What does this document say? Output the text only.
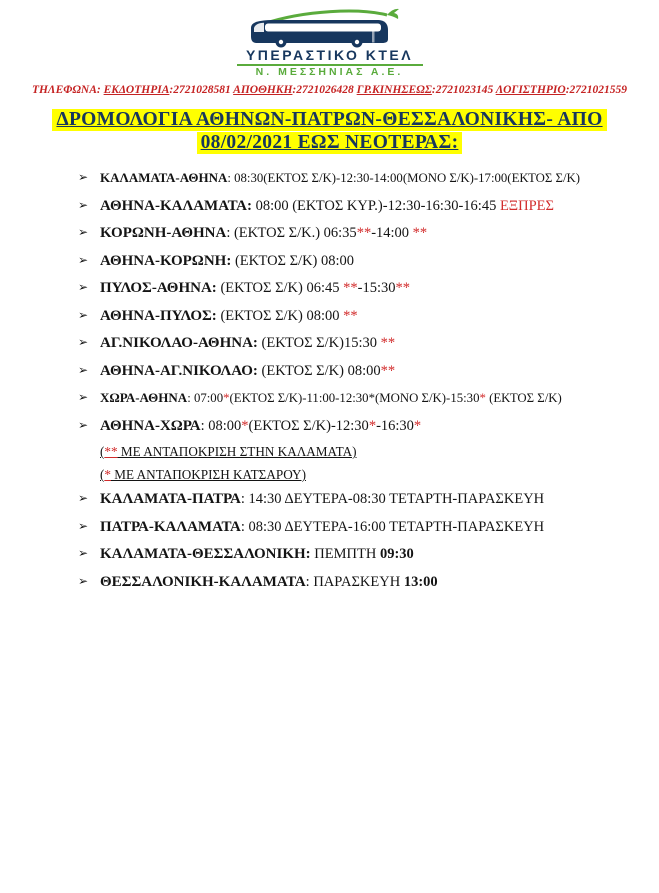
ΥΠΕΡΑΣΤΙΚΟ ΚΤΕΛ
Ν. ΜΕΣΣΗΝΙΑΣ Α.Ε.
ΤΗΛΕΦΩΝΑ: ΕΚΔΟΤΗΡΙΑ:2721028581 ΑΠΟΘΗΚΗ:2721026428 ΓΡ.ΚΙΝΗΣΕΩΣ:2721023145 ΛΟΓΙΣΤΗΡΙΟ:2721021559
ΔΡΟΜΟΛΟΓΙΑ ΑΘΗΝΩΝ-ΠΑΤΡΩΝ-ΘΕΣΣΑΛΟΝΙΚΗΣ- ΑΠΟ
08/02/2021 ΕΩΣ ΝΕΟΤΕΡΑΣ:
➢ ΚΑΛΑΜΑΤΑ-ΑΘΗΝΑ: 08:30(ΕΚΤΟΣ Σ/Κ)-12:30-14:00(ΜΟΝΟ Σ/Κ)-17:00(ΕΚΤΟΣ Σ/Κ)
➢ ΑΘΗΝΑ-ΚΑΛΑΜΑΤΑ: 08:00 (ΕΚΤΟΣ ΚΥΡ.)-12:30-16:30-16:45 ΕΞΠΡΕΣ
➢ ΚΟΡΩΝΗ-ΑΘΗΝΑ: (ΕΚΤΟΣ Σ/Κ.) 06:35**-14:00 **
➢ ΑΘΗΝΑ-ΚΟΡΩΝΗ: (ΕΚΤΟΣ Σ/Κ) 08:00
➢ ΠΥΛΟΣ-ΑΘΗΝΑ: (ΕΚΤΟΣ Σ/Κ) 06:45 **-15:30**
➢ ΑΘΗΝΑ-ΠΥΛΟΣ: (ΕΚΤΟΣ Σ/Κ) 08:00 **
➢ ΑΓ.ΝΙΚΟΛΑΟ-ΑΘΗΝΑ: (ΕΚΤΟΣ Σ/Κ)15:30 **
➢ ΑΘΗΝΑ-ΑΓ.ΝΙΚΟΛΑΟ: (ΕΚΤΟΣ Σ/Κ) 08:00**
➢ ΧΩΡΑ-ΑΘΗΝΑ: 07:00*(ΕΚΤΟΣ Σ/Κ)-11:00-12:30*(ΜΟΝΟ Σ/Κ)-15:30* (ΕΚΤΟΣ Σ/Κ)
➢ ΑΘΗΝΑ-ΧΩΡΑ: 08:00*(ΕΚΤΟΣ Σ/Κ)-12:30*-16:30*
(** ΜΕ ΑΝΤΑΠΟΚΡΙΣΗ ΣΤΗΝ ΚΑΛΑΜΑΤΑ)
(* ΜΕ ΑΝΤΑΠΟΚΡΙΣΗ ΚΑΤΣΑΡΟΥ)
➢ ΚΑΛΑΜΑΤΑ-ΠΑΤΡΑ: 14:30 ΔΕΥΤΕΡΑ-08:30 ΤΕΤΑΡΤΗ-ΠΑΡΑΣΚΕΥΗ
➢ ΠΑΤΡΑ-ΚΑΛΑΜΑΤΑ: 08:30 ΔΕΥΤΕΡΑ-16:00 ΤΕΤΑΡΤΗ-ΠΑΡΑΣΚΕΥΗ
➢ ΚΑΛΑΜΑΤΑ-ΘΕΣΣΑΛΟΝΙΚΗ: ΠΕΜΠΤΗ 09:30
➢ ΘΕΣΣΑΛΟΝΙΚΗ-ΚΑΛΑΜΑΤΑ: ΠΑΡΑΣΚΕΥΗ 13:00
